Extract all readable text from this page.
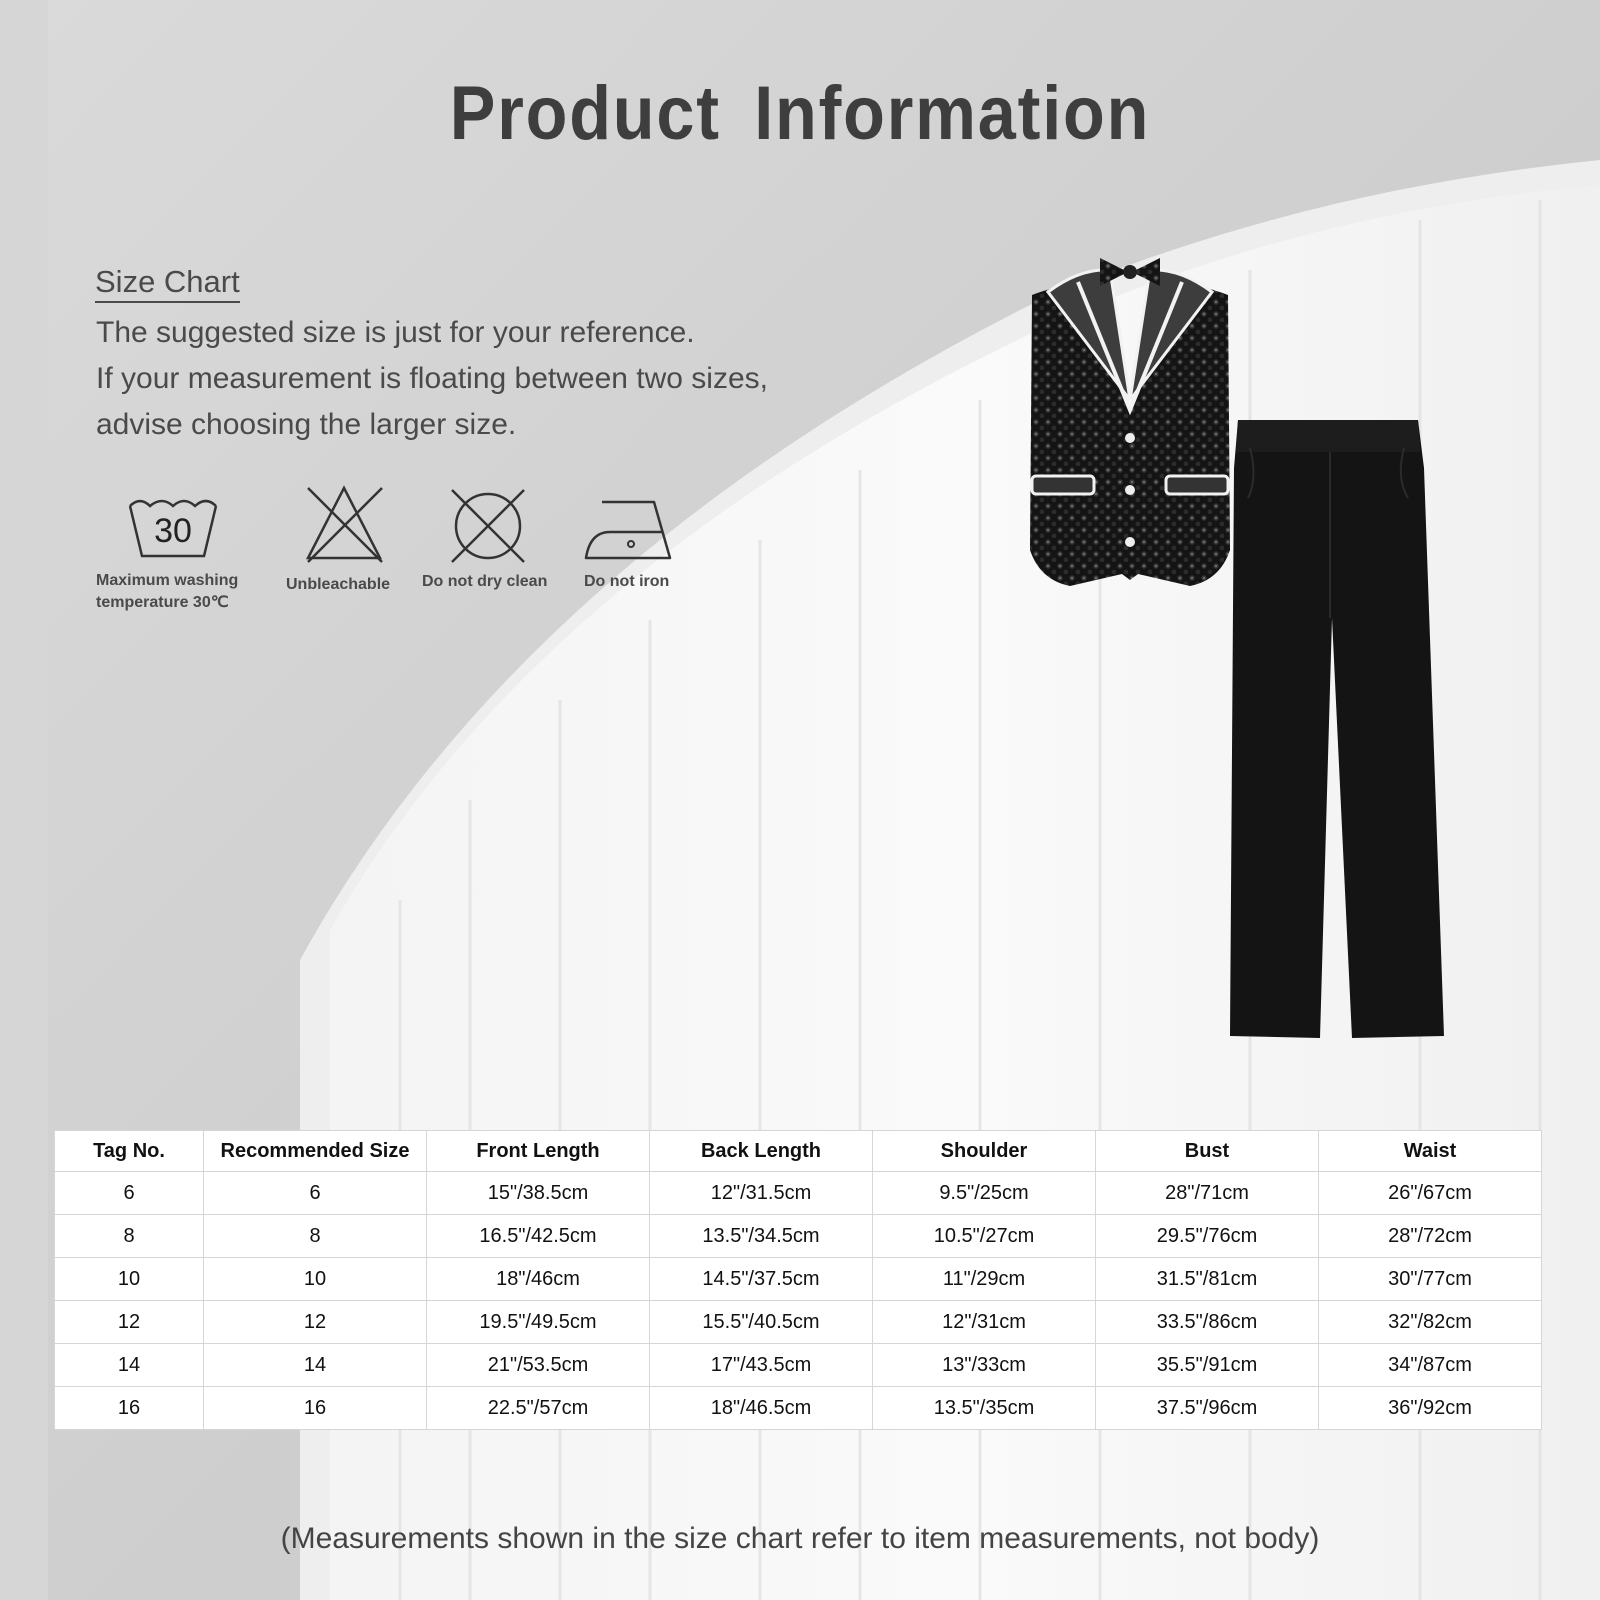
Product Information
Size Chart
The suggested size is just for your reference.
If your measurement is floating between two sizes,
advise choosing the larger size.
30
Maximum washing
temperature 30℃
Unbleachable	Do not dry clean	Do not iron
Tag No.	Recommended Size	Front Length	Back Length	Shoulder	Bust	Waist
6	6	15"/38.5cm	12"/31.5cm	9.5"/25cm	28"/71cm	26"/67cm
8	8	16.5"/42.5cm	13.5"/34.5cm	10.5"/27cm	29.5"/76cm	28"/72cm
10	10	18"/46cm	14.5"/37.5cm	11"/29cm	31.5"/81cm	30"/77cm
12	12	19.5"/49.5cm	15.5"/40.5cm	12"/31cm	33.5"/86cm	32"/82cm
14	14	21"/53.5cm	17"/43.5cm	13"/33cm	35.5"/91cm	34"/87cm
16	16	22.5"/57cm	18"/46.5cm	13.5"/35cm	37.5"/96cm	36"/92cm
(Measurements shown in the size chart refer to item measurements, not body)
